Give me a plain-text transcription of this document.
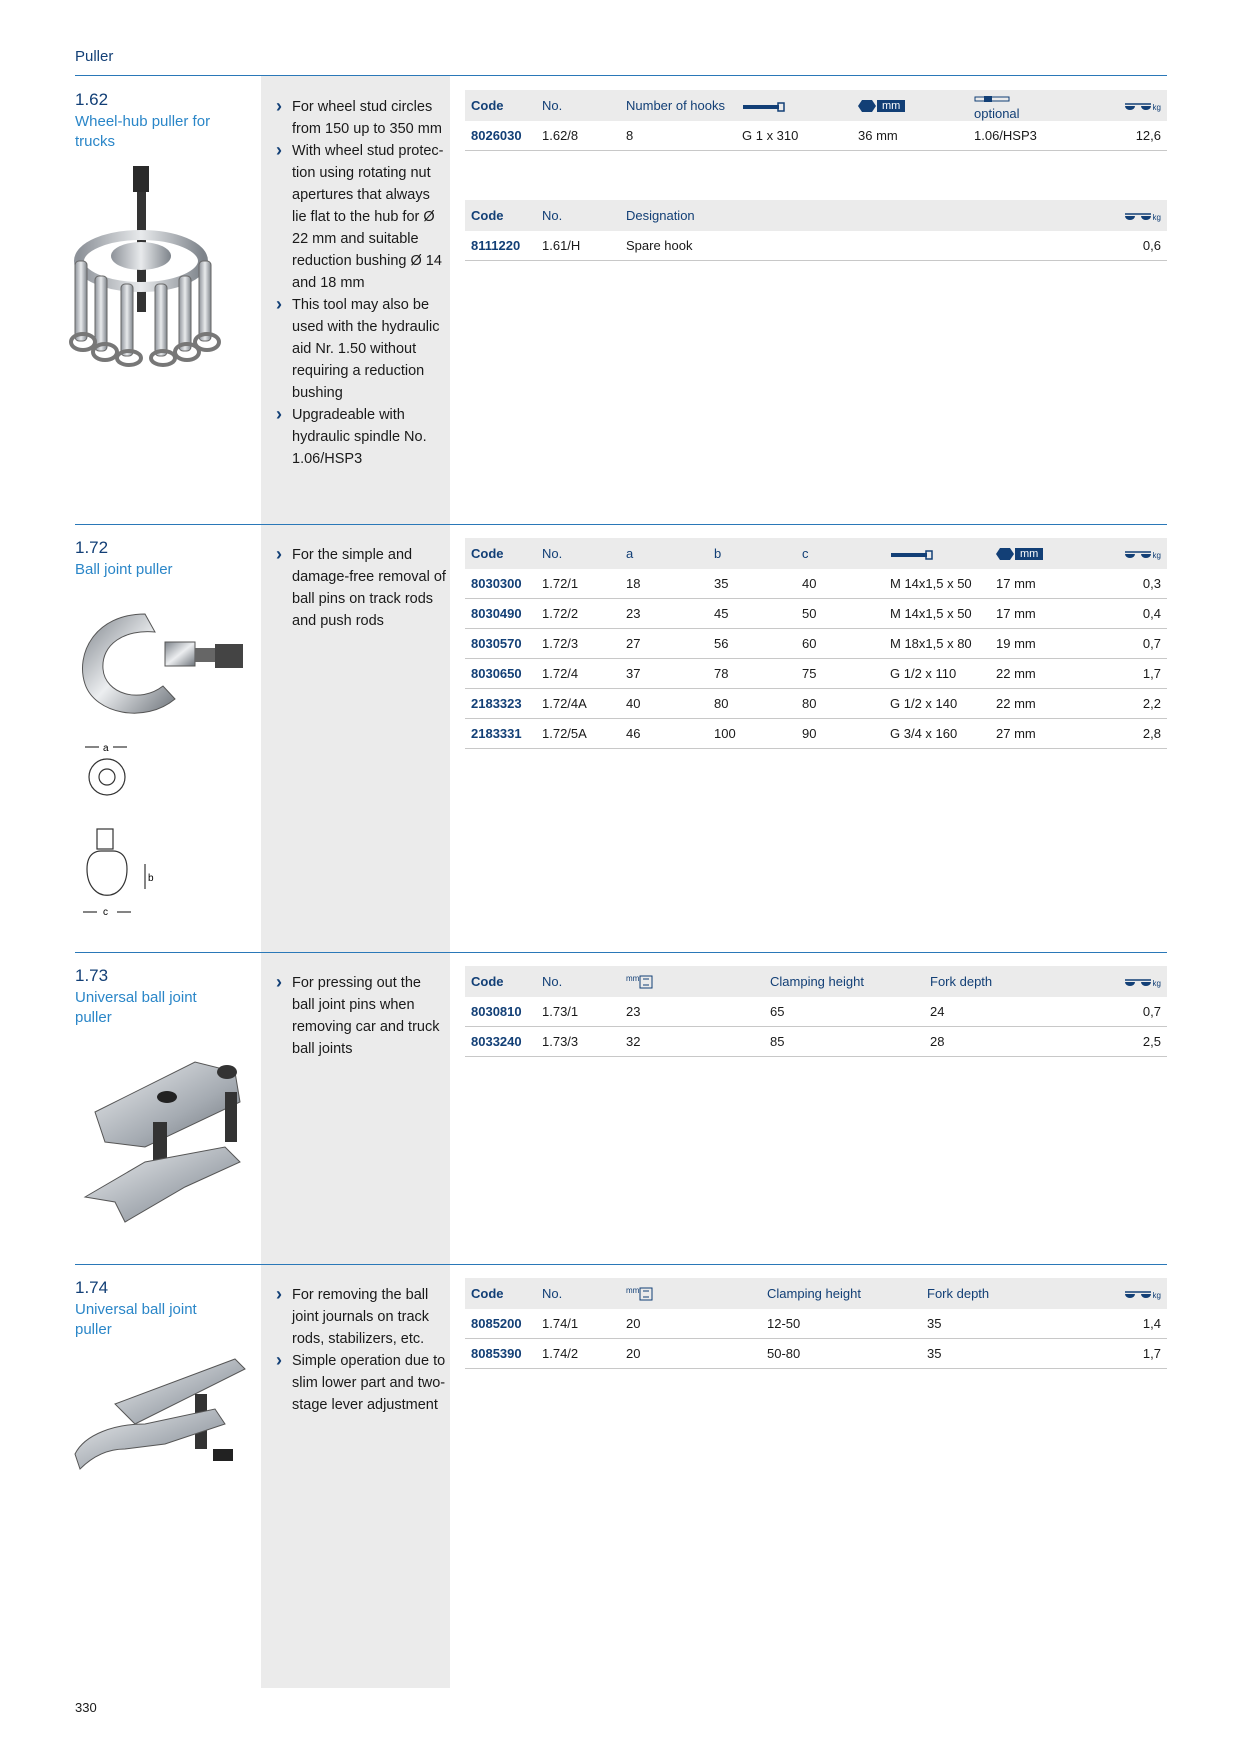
Puller
1.62
Wheel-hub puller for trucks
› For wheel stud circles from 150 up to 350 mm
› With wheel stud protec-tion using rotating nut apertures that always lie flat to the hub for Ø 22 mm and suitable reduction bushing Ø 14 and 18 mm
› This tool may also be used with the hydraulic aid Nr. 1.50 without requiring a reduction bushing
› Upgradeable with hydraulic spindle No. 1.06/HSP3
Code	No.	Number of hooks		mm	optional	kg
8026030	1.62/8	8	G 1 x 310	36 mm	1.06/HSP3	12,6
Code	No.	Designation	kg
8111220	1.61/H	Spare hook	0,6
1.72
Ball joint puller
a
b
c
› For the simple and damage-free removal of ball pins on track rods and push rods
Code	No.	a	b	c		mm	kg
8030300	1.72/1	18	35	40	M 14x1,5 x 50	17 mm	0,3
8030490	1.72/2	23	45	50	M 14x1,5 x 50	17 mm	0,4
8030570	1.72/3	27	56	60	M 18x1,5 x 80	19 mm	0,7
8030650	1.72/4	37	78	75	G 1/2 x 110	22 mm	1,7
2183323	1.72/4A	40	80	80	G 1/2 x 140	22 mm	2,2
2183331	1.72/5A	46	100	90	G 3/4 x 160	27 mm	2,8
1.73
Universal ball joint puller
› For pressing out the ball joint pins when removing car and truck ball joints
Code	No.	$^{mm}$	Clamping height	Fork depth	kg
8030810	1.73/1	23	65	24	0,7
8033240	1.73/3	32	85	28	2,5
1.74
Universal ball joint puller
› For removing the ball joint journals on track rods, stabilizers, etc.
› Simple operation due to slim lower part and two-stage lever adjustment
Code	No.	$^{mm}$	Clamping height	Fork depth	kg
8085200	1.74/1	20	12-50	35	1,4
8085390	1.74/2	20	50-80	35	1,7
330
